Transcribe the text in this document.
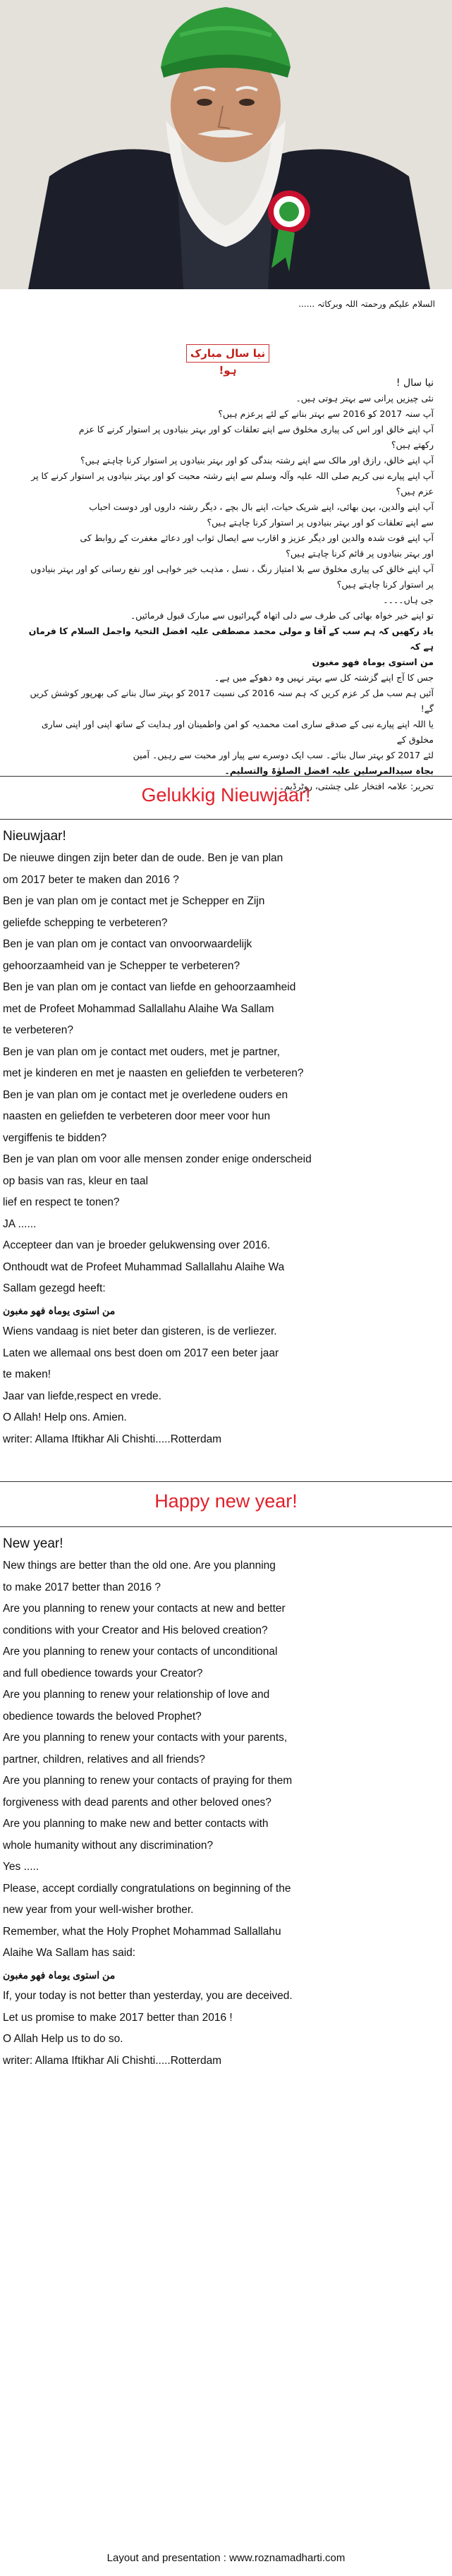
السلام علیکم ورحمتہ اللہ وبرکاتہ ......

نیا سال مبارک ہو!

نیا سال !

نئی چیزیں پرانی سے بہتر ہوتی ہیں۔

آپ سنہ 2017 کو 2016 سے بہتر بنانے کے لئے پرعزم ہیں؟

آپ اپنے خالق اور اس کی پیاری مخلوق سے اپنے تعلقات کو اور بہتر بنیادوں پر استوار کرنے کا عزم

رکھتے ہیں؟

آپ اپنے خالق، رازق اور مالک سے اپنے رشتہ بندگی کو اور بہتر بنیادوں پر استوار کرنا چاہتے ہیں؟

آپ اپنے پیارے نبی کریم صلی اللہ علیہ وآلہ وسلم سے اپنے رشتہ محبت کو اور بہتر بنیادوں پر استوار کرنے کا پر

عزم ہیں؟

آپ اپنے والدین، بہن بھائی، اپنے شریک حیات، اپنے بال بچے ، دیگر رشتہ داروں اور دوست احباب

سے اپنے تعلقات کو اور بہتر بنیادوں پر استوار کرنا چاہتے ہیں؟

آپ اپنے فوت شدہ والدین اور دیگر عزیز و اقارب سے ایصال ثواب اور دعائے مغفرت کے روابط کی

اور بہتر بنیادوں پر قائم کرنا چاہتے ہیں؟

آپ اپنے خالق کی پیاری مخلوق سے بلا امتیاز رنگ ، نسل ، مذہب خیر خواہی اور نفع رسانی کو اور بہتر بنیادوں

پر استوار کرنا چاہتے ہیں؟

جی ہاں۔۔۔۔

تو اپنے خیر خواہ بھائی کی طرف سے دلی اتھاہ گہرائیوں سے مبارک قبول فرمائیں۔

یاد رکھیں کہ ہم سب کے آقا و مولی محمد مصطفی علیہ افضل التحیۃ واجمل السلام کا فرمان ہے کہ

من استوی یوماہ فھو مغبون

جس کا آج اپنے گزشتہ کل سے بہتر نہیں وہ دھوکے میں ہے۔

آئیں ہم سب مل کر عزم کریں کہ ہم سنہ 2016 کی نسبت 2017 کو بہتر سال بنانے کی بھرپور کوشش کریں گے!

یا اللہ اپنے پیارے نبی کے صدقے ساری امت محمدیہ کو امن واطمینان اور ہدایت کے ساتھ اپنی اور اپنی ساری مخلوق کے

لئے 2017 کو بہتر سال بنائے۔ سب ایک دوسرے سے پیار اور محبت سے رہیں۔ آمین

بجاہ سیدالمرسلین علیہ افضل الصلوٰۃ والتسلیم۔

تحریر: علامہ افتخار علی چشتی، روٹرڈیم۔

Gelukkig Nieuwjaar!

Nieuwjaar!

De nieuwe dingen zijn beter dan de oude. Ben je van plan

om 2017 beter te maken dan 2016 ?

Ben je van plan om je contact met je Schepper en Zijn

geliefde schepping te verbeteren?

Ben je van plan om je contact van onvoorwaardelijk

gehoorzaamheid van je Schepper te verbeteren?

Ben je van plan om je contact van liefde en gehoorzaamheid

met de Profeet Mohammad Sallallahu Alaihe Wa Sallam

te verbeteren?

Ben je van plan om je contact met ouders, met je partner,

met je kinderen en met je naasten en geliefden te verbeteren?

Ben je van plan om je contact met je overledene ouders en

naasten en geliefden te verbeteren door meer voor hun

vergiffenis te bidden?

Ben je van plan om voor alle mensen zonder enige onderscheid

op basis van ras, kleur en taal

lief en respect te tonen?

JA ......

Accepteer dan van je broeder gelukwensing over 2016.

Onthoudt wat de Profeet Muhammad Sallallahu Alaihe Wa

Sallam gezegd heeft:

من استوی یوماہ فھو مغبون

Wiens vandaag is niet beter dan gisteren, is de verliezer.

Laten we allemaal ons best doen om 2017 een beter jaar

te maken!

Jaar van liefde,respect en vrede.

O Allah! Help ons. Amien.

writer: Allama Iftikhar Ali Chishti.....Rotterdam

Happy new year!

New year!

New things are better than the old one. Are you planning

to make 2017 better than 2016 ?

Are you planning to renew your contacts at new and better

conditions with your Creator and His beloved creation?

Are you planning to renew your contacts of unconditional

and full obedience towards your Creator?

Are you planning to renew your relationship of love and

obedience towards the beloved Prophet?

Are you planning to renew your contacts with your parents,

partner, children, relatives and all friends?

Are you planning to renew your contacts of praying for them

forgiveness with dead parents and other beloved ones?

Are you planning to make new and better contacts with

whole humanity without any discrimination?

Yes .....

Please, accept cordially congratulations on beginning of the

new year from your well-wisher brother.

Remember, what the Holy Prophet Mohammad Sallallahu

Alaihe Wa Sallam has said:

من استوی یوماہ فھو مغبون

If, your today is not better than yesterday, you are deceived.

Let us promise to make 2017 better than 2016 !

O Allah Help us to do so.

writer: Allama Iftikhar Ali Chishti.....Rotterdam

Layout and presentation : www.roznamadharti.com
